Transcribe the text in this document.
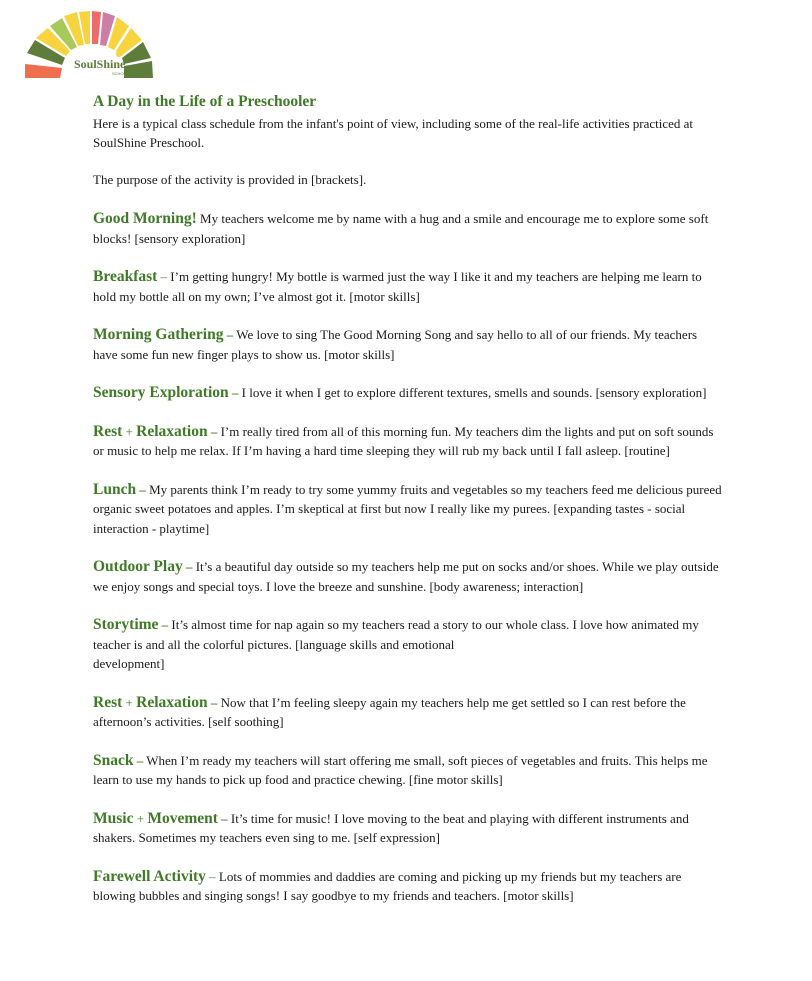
SoulShine
SCHOOLS
A Day in the Life of a Preschooler

Here is a typical class schedule from the infant's point of view, including some of the real-life activities practiced at SoulShine Preschool.

The purpose of the activity is provided in [brackets].

Good Morning! My teachers welcome me by name with a hug and a smile and encourage me to explore some soft blocks! [sensory exploration]

Breakfast – I’m getting hungry! My bottle is warmed just the way I like it and my teachers are helping me learn to hold my bottle all on my own; I’ve almost got it. [motor skills]

Morning Gathering – We love to sing The Good Morning Song and say hello to all of our friends. My teachers have some fun new finger plays to show us. [motor skills]

Sensory Exploration – I love it when I get to explore different textures, smells and sounds. [sensory exploration]

Rest + Relaxation – I’m really tired from all of this morning fun. My teachers dim the lights and put on soft sounds or music to help me relax. If I’m having a hard time sleeping they will rub my back until I fall asleep. [routine]

Lunch – My parents think I’m ready to try some yummy fruits and vegetables so my teachers feed me delicious pureed organic sweet potatoes and apples. I’m skeptical at first but now I really like my purees. [expanding tastes - social interaction - playtime]

Outdoor Play – It’s a beautiful day outside so my teachers help me put on socks and/or shoes. While we play outside we enjoy songs and special toys. I love the breeze and sunshine. [body awareness; interaction]

Storytime – It’s almost time for nap again so my teachers read a story to our whole class. I love how animated my teacher is and all the colorful pictures. [language skills and emotional
development]

Rest + Relaxation – Now that I’m feeling sleepy again my teachers help me get settled so I can rest before the afternoon’s activities. [self soothing]

Snack – When I’m ready my teachers will start offering me small, soft pieces of vegetables and fruits. This helps me learn to use my hands to pick up food and practice chewing. [fine motor skills]

Music + Movement – It’s time for music! I love moving to the beat and playing with different instruments and shakers. Sometimes my teachers even sing to me. [self expression]

Farewell Activity – Lots of mommies and daddies are coming and picking up my friends but my teachers are blowing bubbles and singing songs! I say goodbye to my friends and teachers. [motor skills]
